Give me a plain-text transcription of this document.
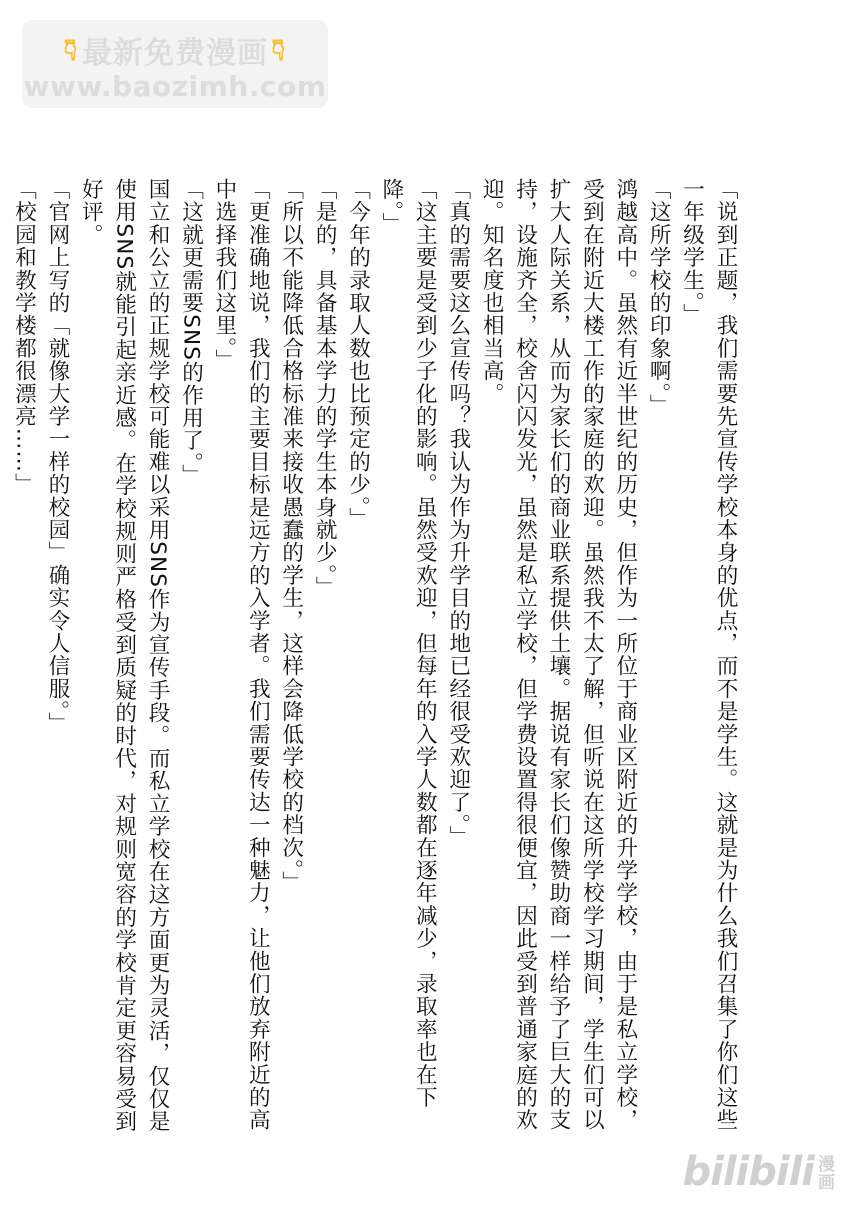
👇︎ 最新免费漫画 👇︎
www.baozimh.com

「说到正题，我们需要先宣传学校本身的优点，而不是学生。这就是为什么我们召集了你们这些一年级学生。」

「这所学校的印象啊。」

鸿越高中。虽然有近半世纪的历史，但作为一所位于商业区附近的升学学校，由于是私立学校，受到在附近大楼工作的家庭的欢迎。虽然我不太了解，但听说在这所学校学习期间，学生们可以扩大人际关系，从而为家长们的商业联系提供土壤。据说有家长们像赞助商一样给予了巨大的支持，设施齐全，校舍闪闪发光，虽然是私立学校，但学费设置得很便宜，因此受到普通家庭的欢迎。知名度也相当高。

「真的需要这么宣传吗？我认为作为升学目的地已经很受欢迎了。」

「这主要是受到少子化的影响。虽然受欢迎，但每年的入学人数都在逐年减少，录取率也在下降。」

「今年的录取人数也比预定的少。」

「是的，具备基本学力的学生本身就少。」

「所以不能降低合格标准来接收愚蠢的学生，这样会降低学校的档次。」

「更准确地说，我们的主要目标是远方的入学者。我们需要传达一种魅力，让他们放弃附近的高中选择我们这里。」

「这就更需要SNS的作用了。」

国立和公立的正规学校可能难以采用SNS作为宣传手段。而私立学校在这方面更为灵活，仅仅是使用SNS就能引起亲近感。在学校规则严格受到质疑的时代，对规则宽容的学校肯定更容易受到好评。

「官网上写的「就像大学一样的校园」确实令人信服。」

「校园和教学楼都很漂亮……」

bilibili 漫画
